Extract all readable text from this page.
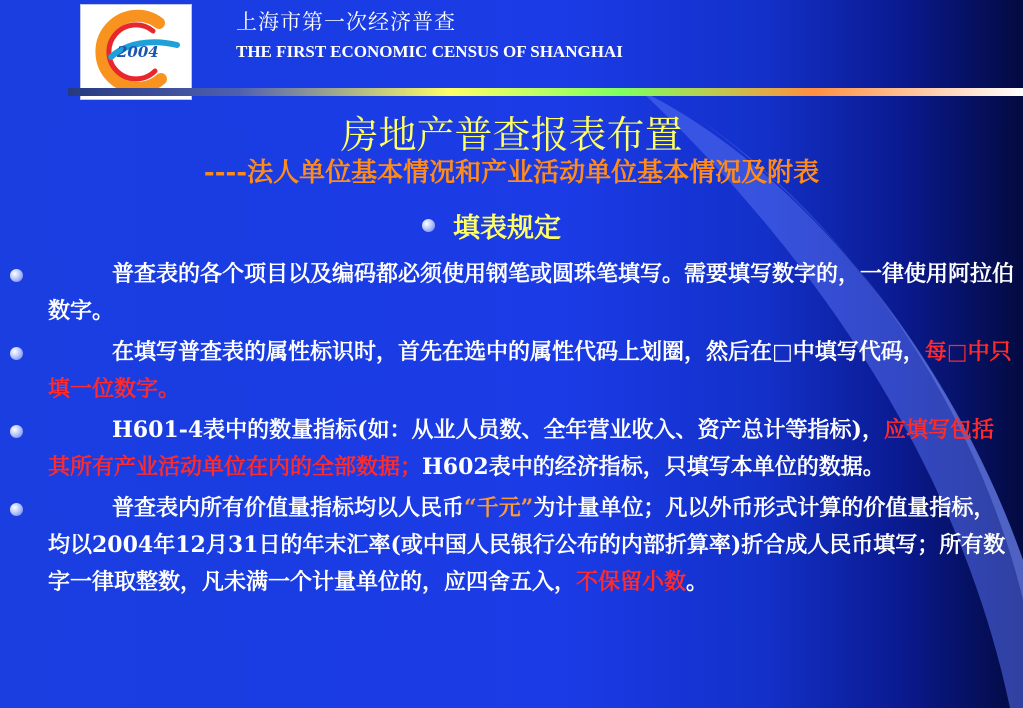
2004
上海市第一次经济普查
THE FIRST ECONOMIC CENSUS OF SHANGHAI
房地产普查报表布置
----法人单位基本情况和产业活动单位基本情况及附表
填表规定
普查表的各个项目以及编码都必须使用钢笔或圆珠笔填写。需要填写数字的，一律使用阿拉伯数字。
在填写普查表的属性标识时，首先在选中的属性代码上划圈，然后在□中填写代码，每□中只填一位数字。
H601-4表中的数量指标(如：从业人员数、全年营业收入、资产总计等指标)，应填写包括其所有产业活动单位在内的全部数据；H602表中的经济指标，只填写本单位的数据。
普查表内所有价值量指标均以人民币“千元”为计量单位；凡以外币形式计算的价值量指标，均以2004年12月31日的年末汇率(或中国人民银行公布的内部折算率)折合成人民币填写；所有数字一律取整数，凡未满一个计量单位的，应四舍五入，不保留小数。
